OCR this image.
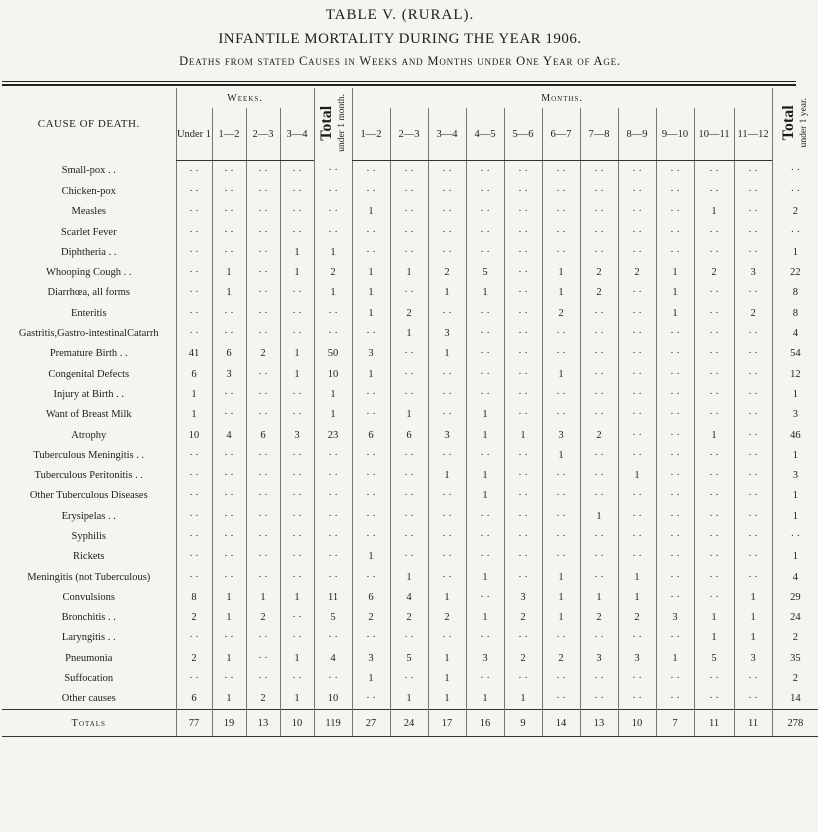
TABLE V. (RURAL).
INFANTILE MORTALITY DURING THE YEAR 1906.
Deaths from stated Causes in Weeks and Months under One Year of Age.
CAUSE OF DEATH.	Weeks.				Total under 1 month.	Months.											Total under 1 year.
	Under 1	1—2	2—3	3—4		1—2	2—3	3—4	4—5	5—6	6—7	7—8	8—9	9—10	10—11	11—12	
Small-pox . .	· ·	· ·	· ·	· ·	· ·	· ·	· ·	· ·	· ·	· ·	· ·	· ·	· ·	· ·	· ·	· ·	· ·
Chicken-pox	· ·	· ·	· ·	· ·	· ·	· ·	· ·	· ·	· ·	· ·	· ·	· ·	· ·	· ·	· ·	· ·	· ·
Measles	· ·	· ·	· ·	· ·	· ·	1	· ·	· ·	· ·	· ·	· ·	· ·	· ·	· ·	1	· ·	2
Scarlet Fever	· ·	· ·	· ·	· ·	· ·	· ·	· ·	· ·	· ·	· ·	· ·	· ·	· ·	· ·	· ·	· ·	· ·
Diphtheria . .	· ·	· ·	· ·	1	1	· ·	· ·	· ·	· ·	· ·	· ·	· ·	· ·	· ·	· ·	· ·	1
Whooping Cough . .	· ·	1	· ·	1	2	1	1	2	5	· ·	1	2	2	1	2	3	22
Diarrhœa, all forms	· ·	1	· ·	· ·	1	1	· ·	1	1	· ·	1	2	· ·	1	· ·	· ·	8
Enteritis	· ·	· ·	· ·	· ·	· ·	1	2	· ·	· ·	· ·	2	· ·	· ·	1	· ·	2	8
Gastritis,Gastro-intestinalCatarrh	· ·	· ·	· ·	· ·	· ·	· ·	1	3	· ·	· ·	· ·	· ·	· ·	· ·	· ·	· ·	4
Premature Birth . .	41	6	2	1	50	3	· ·	1	· ·	· ·	· ·	· ·	· ·	· ·	· ·	· ·	54
Congenital Defects	6	3	· ·	1	10	1	· ·	· ·	· ·	· ·	1	· ·	· ·	· ·	· ·	· ·	12
Injury at Birth . .	1	· ·	· ·	· ·	1	· ·	· ·	· ·	· ·	· ·	· ·	· ·	· ·	· ·	· ·	· ·	1
Want of Breast Milk	1	· ·	· ·	· ·	1	· ·	1	· ·	1	· ·	· ·	· ·	· ·	· ·	· ·	· ·	3
Atrophy	10	4	6	3	23	6	6	3	1	1	3	2	· ·	· ·	1	· ·	46
Tuberculous Meningitis . .	· ·	· ·	· ·	· ·	· ·	· ·	· ·	· ·	· ·	· ·	1	· ·	· ·	· ·	· ·	· ·	1
Tuberculous Peritonitis . .	· ·	· ·	· ·	· ·	· ·	· ·	· ·	1	1	· ·	· ·	· ·	1	· ·	· ·	· ·	3
Other Tuberculous Diseases	· ·	· ·	· ·	· ·	· ·	· ·	· ·	· ·	1	· ·	· ·	· ·	· ·	· ·	· ·	· ·	1
Erysipelas . .	· ·	· ·	· ·	· ·	· ·	· ·	· ·	· ·	· ·	· ·	· ·	1	· ·	· ·	· ·	· ·	1
Syphilis	· ·	· ·	· ·	· ·	· ·	· ·	· ·	· ·	· ·	· ·	· ·	· ·	· ·	· ·	· ·	· ·	· ·
Rickets	· ·	· ·	· ·	· ·	· ·	1	· ·	· ·	· ·	· ·	· ·	· ·	· ·	· ·	· ·	· ·	1
Meningitis (not Tuberculous)	· ·	· ·	· ·	· ·	· ·	· ·	1	· ·	1	· ·	1	· ·	1	· ·	· ·	· ·	4
Convulsions	8	1	1	1	11	6	4	1	· ·	3	1	1	1	· ·	· ·	1	29
Bronchitis . .	2	1	2	· ·	5	2	2	2	1	2	1	2	2	3	1	1	24
Laryngitis . .	· ·	· ·	· ·	· ·	· ·	· ·	· ·	· ·	· ·	· ·	· ·	· ·	· ·	· ·	1	1	2
Pneumonia	2	1	· ·	1	4	3	5	1	3	2	2	3	3	1	5	3	35
Suffocation	· ·	· ·	· ·	· ·	· ·	1	· ·	1	· ·	· ·	· ·	· ·	· ·	· ·	· ·	· ·	2
Other causes	6	1	2	1	10	· ·	1	1	1	1	· ·	· ·	· ·	· ·	· ·	· ·	14
Totals	77	19	13	10	119	27	24	17	16	9	14	13	10	7	11	11	278
